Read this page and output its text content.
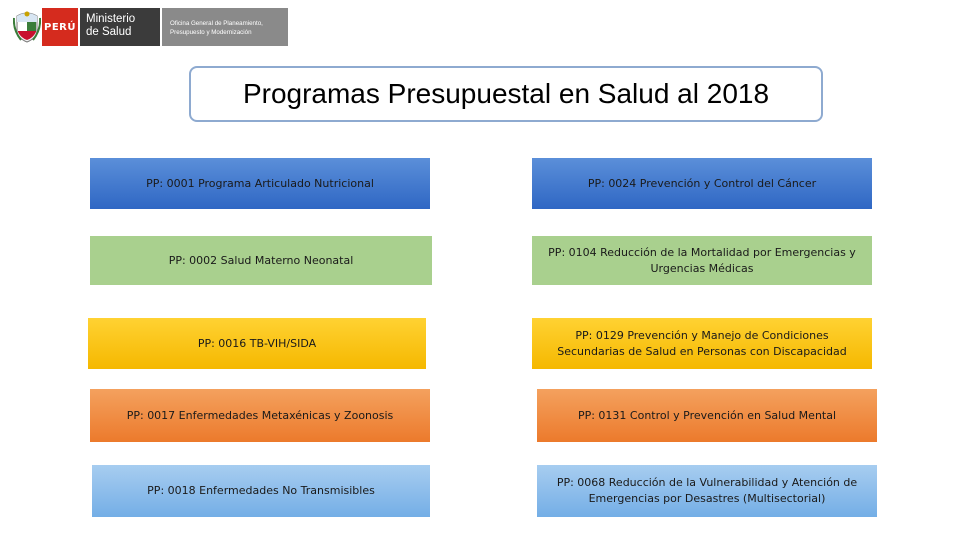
PERÚ
Ministerio
de Salud
Oficina General de Planeamiento,
Presupuesto y Modernización
Programas Presupuestal en Salud al 2018
PP: 0001 Programa Articulado Nutricional
PP: 0002 Salud Materno Neonatal
PP: 0016 TB-VIH/SIDA
PP: 0017 Enfermedades Metaxénicas y Zoonosis
PP: 0018 Enfermedades No Transmisibles
PP: 0024 Prevención y Control del Cáncer
PP: 0104 Reducción de la Mortalidad por Emergencias y Urgencias Médicas
PP: 0129 Prevención y Manejo de Condiciones Secundarias de Salud en Personas con Discapacidad
PP: 0131 Control y Prevención en Salud Mental
PP: 0068 Reducción de la Vulnerabilidad y Atención de Emergencias por Desastres (Multisectorial)
